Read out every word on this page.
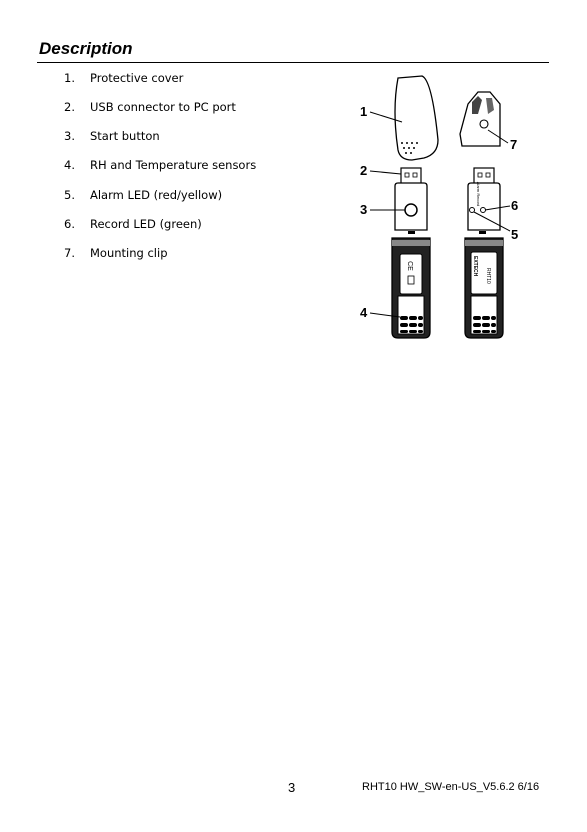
Description
1. Protective cover
2. USB connector to PC port
3. Start button
4. RH and Temperature sensors
5. Alarm LED (red/yellow)
6. Record LED (green)
7. Mounting clip
CE
Alarm Record
EXTECH RHT10
1
2
3
4
5
6
7
3	RHT10 HW_SW-en-US_V5.6.2 6/16
